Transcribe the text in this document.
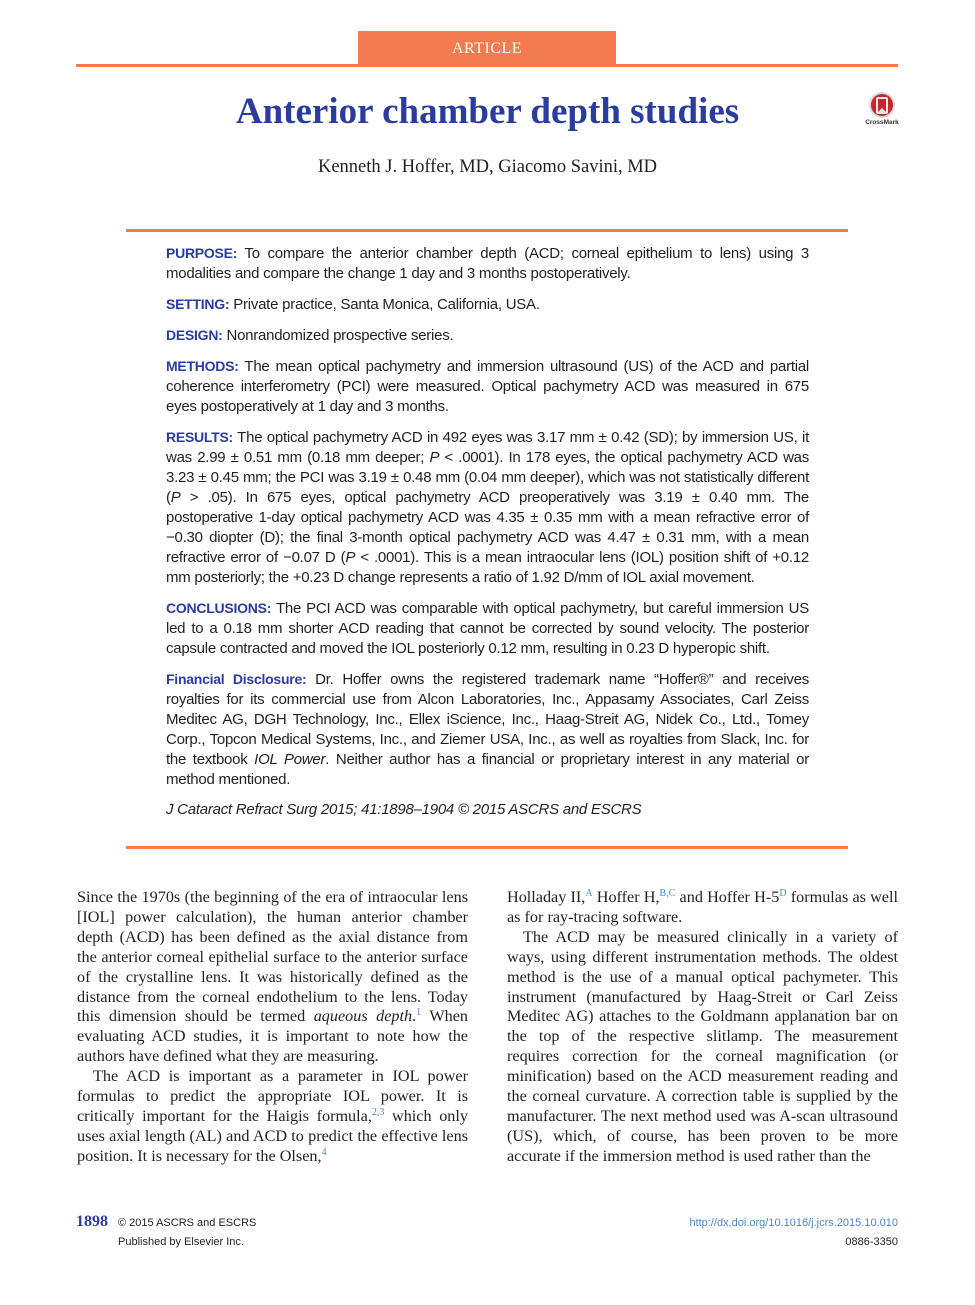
ARTICLE
Anterior chamber depth studies	CrossMark
Kenneth J. Hoffer, MD, Giacomo Savini, MD

PURPOSE: To compare the anterior chamber depth (ACD; corneal epithelium to lens) using 3 modalities and compare the change 1 day and 3 months postoperatively.

SETTING: Private practice, Santa Monica, California, USA.

DESIGN: Nonrandomized prospective series.

METHODS: The mean optical pachymetry and immersion ultrasound (US) of the ACD and partial coherence interferometry (PCI) were measured. Optical pachymetry ACD was measured in 675 eyes postoperatively at 1 day and 3 months.

RESULTS: The optical pachymetry ACD in 492 eyes was 3.17 mm ± 0.42 (SD); by immersion US, it was 2.99 ± 0.51 mm (0.18 mm deeper; P < .0001). In 178 eyes, the optical pachymetry ACD was 3.23 ± 0.45 mm; the PCI was 3.19 ± 0.48 mm (0.04 mm deeper), which was not statistically different (P > .05). In 675 eyes, optical pachymetry ACD preoperatively was 3.19 ± 0.40 mm. The postoperative 1-day optical pachymetry ACD was 4.35 ± 0.35 mm with a mean refractive error of −0.30 diopter (D); the final 3-month optical pachymetry ACD was 4.47 ± 0.31 mm, with a mean refractive error of −0.07 D (P < .0001). This is a mean intraocular lens (IOL) position shift of +0.12 mm posteriorly; the +0.23 D change represents a ratio of 1.92 D/mm of IOL axial movement.

CONCLUSIONS: The PCI ACD was comparable with optical pachymetry, but careful immersion US led to a 0.18 mm shorter ACD reading that cannot be corrected by sound velocity. The posterior capsule contracted and moved the IOL posteriorly 0.12 mm, resulting in 0.23 D hyperopic shift.

Financial Disclosure: Dr. Hoffer owns the registered trademark name “Hoffer®” and receives royalties for its commercial use from Alcon Laboratories, Inc., Appasamy Associates, Carl Zeiss Meditec AG, DGH Technology, Inc., Ellex iScience, Inc., Haag-Streit AG, Nidek Co., Ltd., Tomey Corp., Topcon Medical Systems, Inc., and Ziemer USA, Inc., as well as royalties from Slack, Inc. for the textbook IOL Power. Neither author has a financial or proprietary interest in any material or method mentioned.

J Cataract Refract Surg 2015; 41:1898–1904 © 2015 ASCRS and ESCRS

Since the 1970s (the beginning of the era of intraocular lens [IOL] power calculation), the human anterior chamber depth (ACD) has been defined as the axial distance from the anterior corneal epithelial surface to the anterior surface of the crystalline lens. It was historically defined as the distance from the corneal endothelium to the lens. Today this dimension should be termed aqueous depth.$^1$ When evaluating ACD studies, it is important to note how the authors have defined what they are measuring.

The ACD is important as a parameter in IOL power formulas to predict the appropriate IOL power. It is critically important for the Haigis formula,$^{2,3}$ which only uses axial length (AL) and ACD to predict the effective lens position. It is necessary for the Olsen,$^4$

Holladay II,$^A$ Hoffer H,$^{B,C}$ and Hoffer $H-5^D$ formulas as well as for ray-tracing software.

The ACD may be measured clinically in a variety of ways, using different instrumentation methods. The oldest method is the use of a manual optical pachymeter. This instrument (manufactured by Haag-Streit or Carl Zeiss Meditec AG) attaches to the Goldmann applanation bar on the top of the respective slitlamp. The measurement requires correction for the corneal magnification (or minification) based on the ACD measurement reading and the corneal curvature. A correction table is supplied by the manufacturer. The next method used was A-scan ultrasound (US), which, of course, has been proven to be more accurate if the immersion method is used rather than the

1898 © 2015 ASCRS and ESCRS
Published by Elsevier Inc.
http://dx.doi.org/10.1016/j.jcrs.2015.10.010
0886-3350
